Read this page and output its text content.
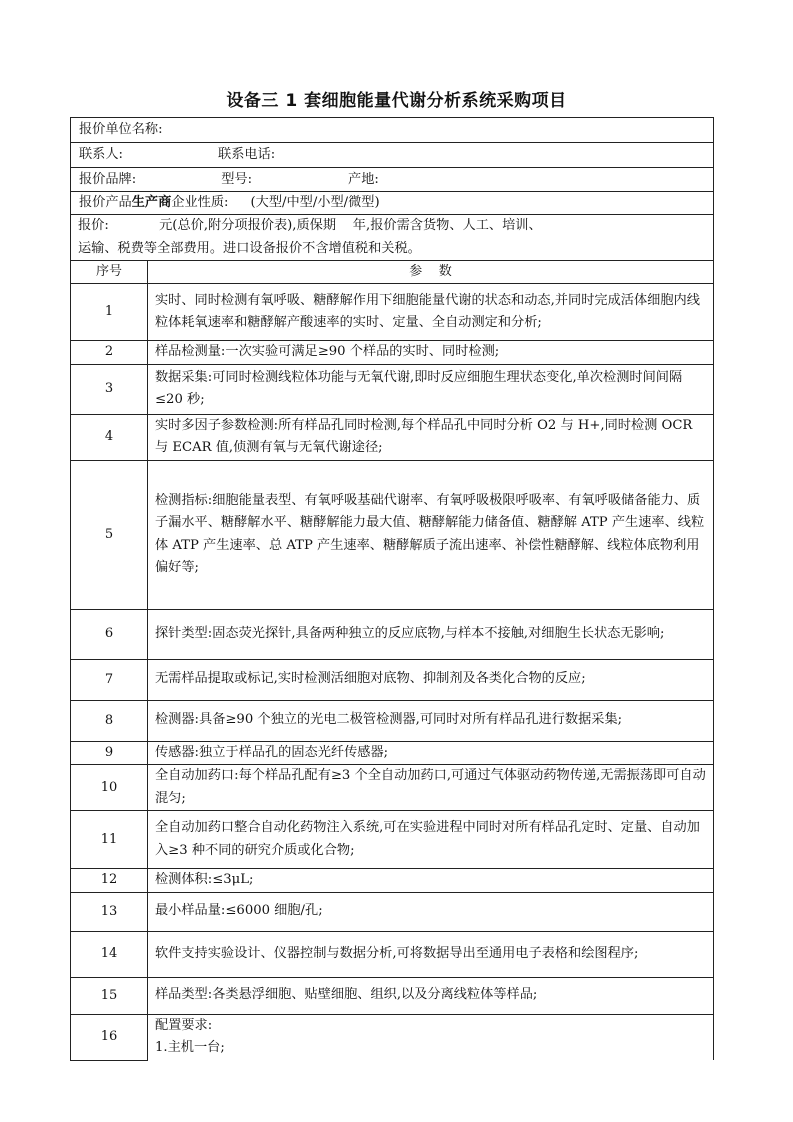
设备三 1 套细胞能量代谢分析系统采购项目
报价单位名称:	
联系人: 联系电话:	
报价品牌: 型号: 产地:	
报价产品生产商企业性质: (大型/中型/小型/微型)	

报价:            元(总价,附分项报价表),质保期    年,报价需含货物、人工、培训、
运输、税费等全部费用。进口设备报价不含增值税和关税。	

序号	参    数
1	实时、同时检测有氧呼吸、糖酵解作用下细胞能量代谢的状态和动态,并同时完成活体细胞内线粒体耗氧速率和糖酵解产酸速率的实时、定量、全自动测定和分析;
2	样品检测量:一次实验可满足≥90 个样品的实时、同时检测;
3	数据采集:可同时检测线粒体功能与无氧代谢,即时反应细胞生理状态变化,单次检测时间间隔≤20 秒;
4	实时多因子参数检测:所有样品孔同时检测,每个样品孔中同时分析 O2 与 H+,同时检测 OCR 与 ECAR 值,侦测有氧与无氧代谢途径;
5	检测指标:细胞能量表型、有氧呼吸基础代谢率、有氧呼吸极限呼吸率、有氧呼吸储备能力、质子漏水平、糖酵解水平、糖酵解能力最大值、糖酵解能力储备值、糖酵解 ATP 产生速率、线粒体 ATP 产生速率、总 ATP 产生速率、糖酵解质子流出速率、补偿性糖酵解、线粒体底物利用偏好等;
6	探针类型:固态荧光探针,具备两种独立的反应底物,与样本不接触,对细胞生长状态无影响;
7	无需样品提取或标记,实时检测活细胞对底物、抑制剂及各类化合物的反应;
8	检测器:具备≥90 个独立的光电二极管检测器,可同时对所有样品孔进行数据采集;
9	传感器:独立于样品孔的固态光纤传感器;
10	全自动加药口:每个样品孔配有≥3 个全自动加药口,可通过气体驱动药物传递,无需振荡即可自动混匀;
11	全自动加药口整合自动化药物注入系统,可在实验进程中同时对所有样品孔定时、定量、自动加入≥3 种不同的研究介质或化合物;
12	检测体积:≤3μL;
13	最小样品量:≤6000 细胞/孔;
14	软件支持实验设计、仪器控制与数据分析,可将数据导出至通用电子表格和绘图程序;
15	样品类型:各类悬浮细胞、贴壁细胞、组织,以及分离线粒体等样品;
16	配置要求:
1.主机一台;
